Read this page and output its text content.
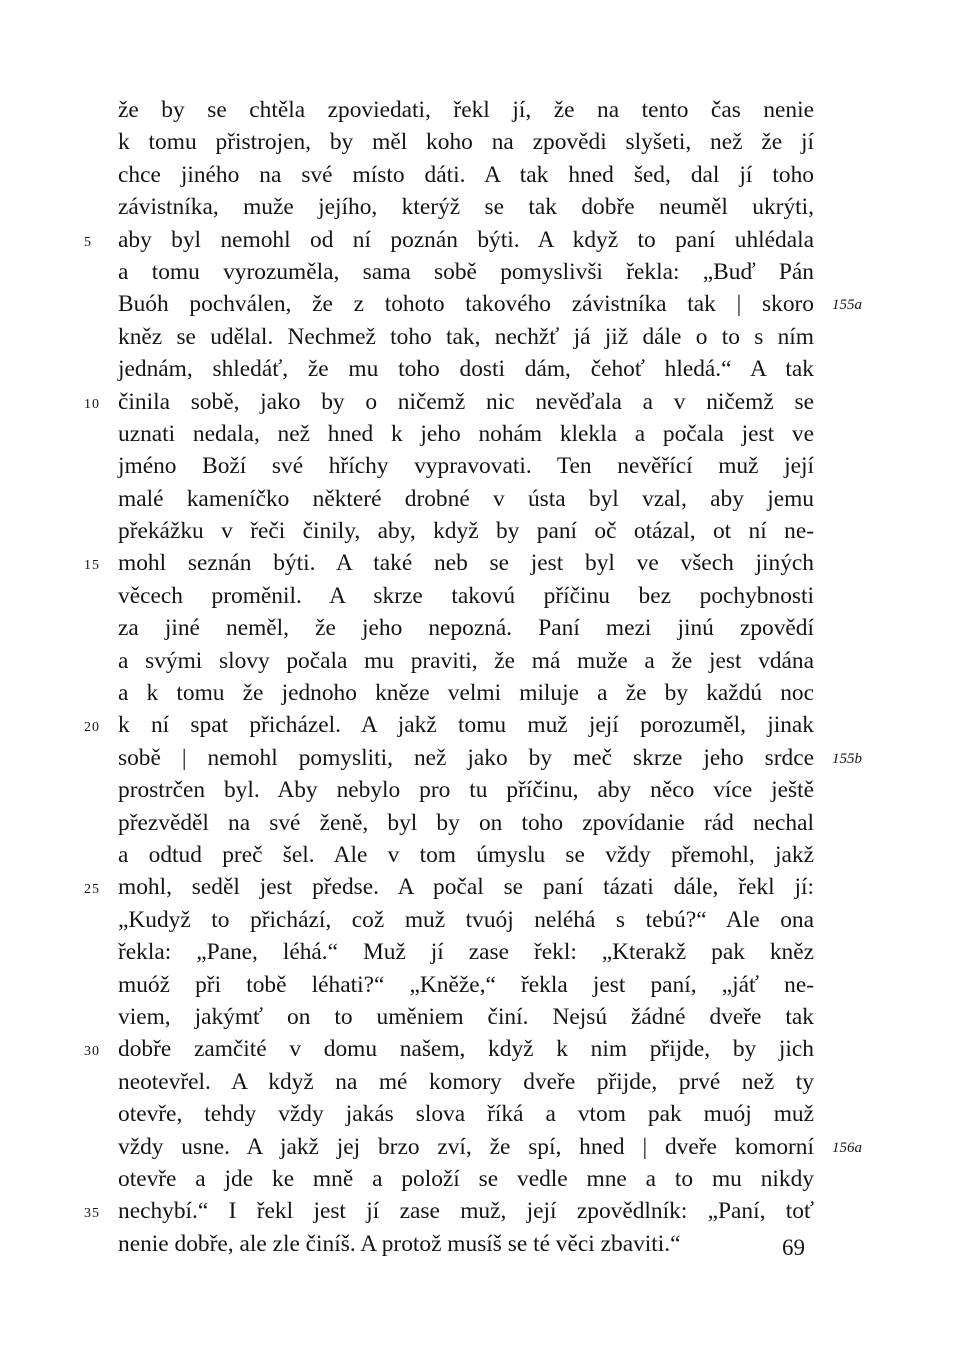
že by se chtěla zpoviedati, řekl jí, že na tento čas nenie
k tomu přistrojen, by měl koho na zpovědi slyšeti, než že jí
chce jiného na své místo dáti. A tak hned šed, dal jí toho
závistníka, muže jejího, kterýž se tak dobře neuměl ukrýti,
aby byl nemohl od ní poznán býti. A když to paní uhlédala
5
a tomu vyrozuměla, sama sobě pomyslivši řekla: „Buď Pán
Buóh pochválen, že z tohoto takového závistníka tak | skoro 155a
kněz se udělal. Nechmež toho tak, nechžť já již dále o to s ním
jednám, shledáť, že mu toho dosti dám, čehoť hledá.“ A tak
činila sobě, jako by o ničemž nic nevěďala a v ničemž se
10
uznati nedala, než hned k jeho nohám klekla a počala jest ve
jméno Boží své hříchy vypravovati. Ten nevěřící muž její
malé kameníčko některé drobné v ústa byl vzal, aby jemu
překážku v řeči činily, aby, když by paní oč otázal, ot ní ne-
mohl seznán býti. A také neb se jest byl ve všech jiných
15
věcech proměnil. A skrze takovú příčinu bez pochybnosti
za jiné neměl, že jeho nepozná. Paní mezi jinú zpovědí
a svými slovy počala mu praviti, že má muže a že jest vdána
a k tomu že jednoho kněze velmi miluje a že by každú noc
k ní spat přicházel. A jakž tomu muž její porozuměl, jinak
20
sobě | nemohl pomysliti, než jako by meč skrze jeho srdce 155b
prostrčen byl. Aby nebylo pro tu příčinu, aby něco více ještě
přezvěděl na své ženě, byl by on toho zpovídanie rád nechal
a odtud preč šel. Ale v tom úmyslu se vždy přemohl, jakž
mohl, seděl jest předse. A počal se paní tázati dále, řekl jí:
25
„Kudyž to přichází, což muž tvuój neléhá s tebú?“ Ale ona
řekla: „Pane, léhá.“ Muž jí zase řekl: „Kterakž pak kněz
muóž při tobě léhati?“ „Kněže,“ řekla jest paní, „jáť ne-
viem, jakýmť on to uměniem činí. Nejsú žádné dveře tak
dobře zamčité v domu našem, když k nim přijde, by jich
30
neotevřel. A když na mé komory dveře přijde, prvé než ty
otevře, tehdy vždy jakás slova říká a vtom pak muój muž
vždy usne. A jakž jej brzo zví, že spí, hned | dveře komorní 156a
otevře a jde ke mně a položí se vedle mne a to mu nikdy
nechybí.“ I řekl jest jí zase muž, její zpovědlník: „Paní, toť
35
nenie dobře, ale zle činíš. A protož musíš se té věci zbaviti.“	69
